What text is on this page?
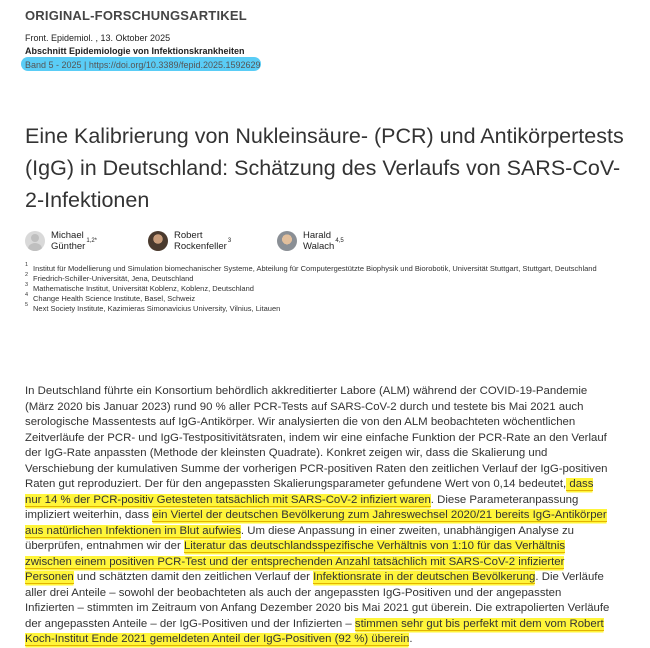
ORIGINAL-FORSCHUNGSARTIKEL
Front. Epidemiol. , 13. Oktober 2025
Abschnitt Epidemiologie von Infektionskrankheiten
Band 5 - 2025 | https://doi.org/10.3389/fepid.2025.1592629
Eine Kalibrierung von Nukleinsäure- (PCR) und Antikörpertests (IgG) in Deutschland: Schätzung des Verlaufs von SARS-CoV-2-Infektionen
Michael Günther 1,2*	Robert Rockenfeller 3	Harald Walach 4,5
1 Institut für Modellierung und Simulation biomechanischer Systeme, Abteilung für Computergestützte Biophysik und Biorobotik, Universität Stuttgart, Stuttgart, Deutschland
2 Friedrich-Schiller-Universität, Jena, Deutschland
3 Mathematische Institut, Universität Koblenz, Koblenz, Deutschland
4 Change Health Science Institute, Basel, Schweiz
5 Next Society Institute, Kazimieras Simonavicius University, Vilnius, Litauen

In Deutschland führte ein Konsortium behördlich akkreditierter Labore (ALM) während der COVID-19-Pandemie (März 2020 bis Januar 2023) rund 90 % aller PCR-Tests auf SARS-CoV-2 durch und testete bis Mai 2021 auch serologische Massentests auf IgG-Antikörper. Wir analysierten die von den ALM beobachteten wöchentlichen Zeitverläufe der PCR- und IgG-Testpositivitätsraten, indem wir eine einfache Funktion der PCR-Rate an den Verlauf der IgG-Rate anpassten (Methode der kleinsten Quadrate). Konkret zeigen wir, dass die Skalierung und Verschiebung der kumulativen Summe der vorherigen PCR-positiven Raten den zeitlichen Verlauf der IgG-positiven Raten gut reproduziert. Der für den angepassten Skalierungsparameter gefundene Wert von 0,14 bedeutet, dass nur 14 % der PCR-positiv Getesteten tatsächlich mit SARS-CoV-2 infiziert waren. Diese Parameteranpassung impliziert weiterhin, dass ein Viertel der deutschen Bevölkerung zum Jahreswechsel 2020/21 bereits IgG-Antikörper aus natürlichen Infektionen im Blut aufwies. Um diese Anpassung in einer zweiten, unabhängigen Analyse zu überprüfen, entnahmen wir der Literatur das deutschlandsspezifische Verhältnis von 1:10 für das Verhältnis zwischen einem positiven PCR-Test und der entsprechenden Anzahl tatsächlich mit SARS-CoV-2 infizierter Personen und schätzten damit den zeitlichen Verlauf der Infektionsrate in der deutschen Bevölkerung. Die Verläufe aller drei Anteile – sowohl der beobachteten als auch der angepassten IgG-Positiven und der angepassten Infizierten – stimmten im Zeitraum von Anfang Dezember 2020 bis Mai 2021 gut überein. Die extrapolierten Verläufe der angepassten Anteile – der IgG-Positiven und der Infizierten – stimmen sehr gut bis perfekt mit dem vom Robert Koch-Institut Ende 2021 gemeldeten Anteil der IgG-Positiven (92 %) überein.
